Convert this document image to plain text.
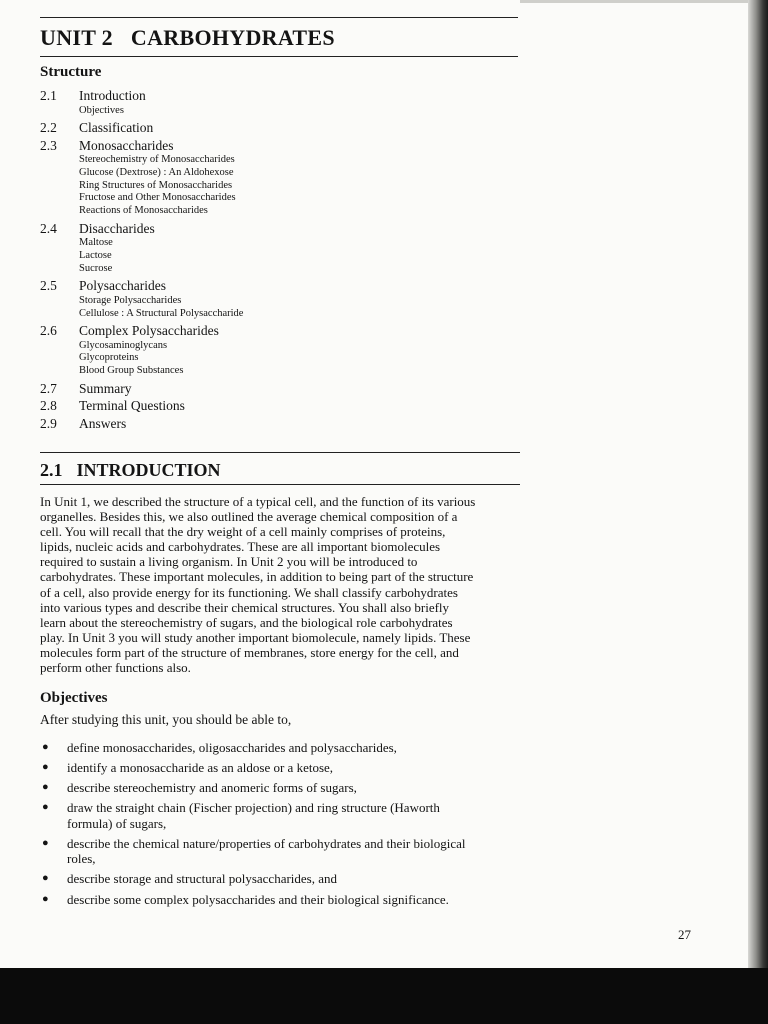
UNIT 2 CARBOHYDRATES
Structure
2.1	Introduction
Objectives
2.2	Classification
2.3	Monosaccharides
Stereochemistry of Monosaccharides
Glucose (Dextrose) : An Aldohexose
Ring Structures of Monosaccharides
Fructose and Other Monosaccharides
Reactions of Monosaccharides
2.4	Disaccharides
Maltose
Lactose
Sucrose
2.5	Polysaccharides
Storage Polysaccharides
Cellulose : A Structural Polysaccharide
2.6	Complex Polysaccharides
Glycosaminoglycans
Glycoproteins
Blood Group Substances
2.7	Summary
2.8	Terminal Questions
2.9	Answers
2.1 INTRODUCTION
In Unit 1, we described the structure of a typical cell, and the function of its various
organelles. Besides this, we also outlined the average chemical composition of a
cell. You will recall that the dry weight of a cell mainly comprises of proteins,
lipids, nucleic acids and carbohydrates. These are all important biomolecules
required to sustain a living organism. In Unit 2 you will be introduced to
carbohydrates. These important molecules, in addition to being part of the structure
of a cell, also provide energy for its functioning. We shall classify carbohydrates
into various types and describe their chemical structures. You shall also briefly
learn about the stereochemistry of sugars, and the biological role carbohydrates
play. In Unit 3 you will study another important biomolecule, namely lipids. These
molecules form part of the structure of membranes, store energy for the cell, and
perform other functions also.
Objectives

After studying this unit, you should be able to,

●	define monosaccharides, oligosaccharides and polysaccharides,
●	identify a monosaccharide as an aldose or a ketose,
●	describe stereochemistry and anomeric forms of sugars,
●	draw the straight chain (Fischer projection) and ring structure (Haworth
formula) of sugars,
●	describe the chemical nature/properties of carbohydrates and their biological
roles,
●	describe storage and structural polysaccharides, and
●	describe some complex polysaccharides and their biological significance.

27
